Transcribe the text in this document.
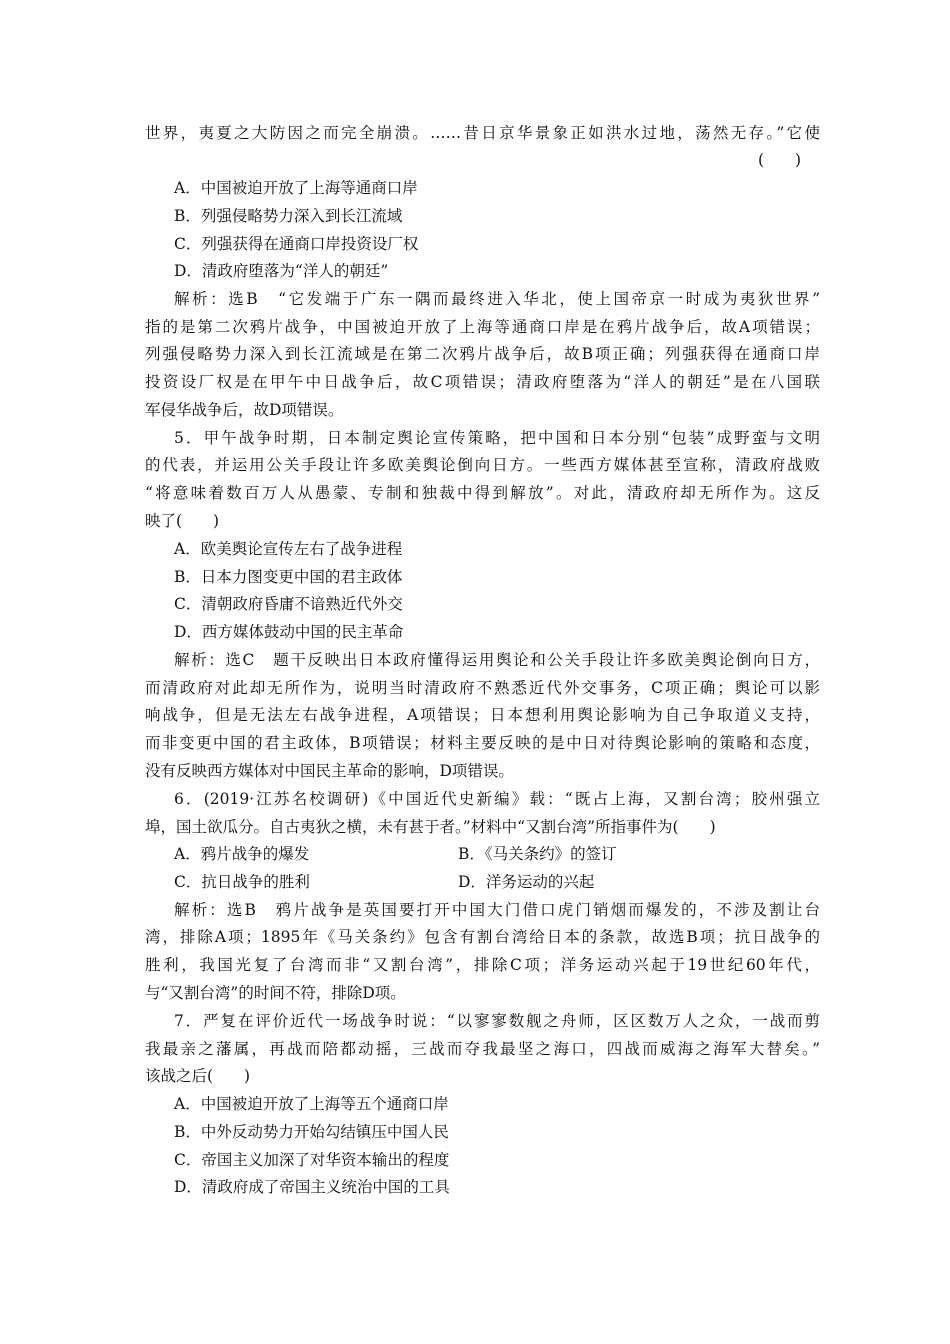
世界，夷夏之大防因之而完全崩溃。……昔日京华景象正如洪水过地，荡然无存。”它使
(　　)
A．中国被迫开放了上海等通商口岸
B．列强侵略势力深入到长江流域
C．列强获得在通商口岸投资设厂权
D．清政府堕落为“洋人的朝廷”
解析：选B　“它发端于广东一隅而最终进入华北，使上国帝京一时成为夷狄世界”
指的是第二次鸦片战争，中国被迫开放了上海等通商口岸是在鸦片战争后，故A项错误；
列强侵略势力深入到长江流域是在第二次鸦片战争后，故B项正确；列强获得在通商口岸
投资设厂权是在甲午中日战争后，故C项错误；清政府堕落为“洋人的朝廷”是在八国联
军侵华战争后，故D项错误。
5．甲午战争时期，日本制定舆论宣传策略，把中国和日本分别“包装”成野蛮与文明
的代表，并运用公关手段让许多欧美舆论倒向日方。一些西方媒体甚至宣称，清政府战败
“将意味着数百万人从愚蒙、专制和独裁中得到解放”。对此，清政府却无所作为。这反
映了(　　)
A．欧美舆论宣传左右了战争进程
B．日本力图变更中国的君主政体
C．清朝政府昏庸不谙熟近代外交
D．西方媒体鼓动中国的民主革命
解析：选C　题干反映出日本政府懂得运用舆论和公关手段让许多欧美舆论倒向日方，
而清政府对此却无所作为，说明当时清政府不熟悉近代外交事务，C项正确；舆论可以影
响战争，但是无法左右战争进程，A项错误；日本想利用舆论影响为自己争取道义支持，
而非变更中国的君主政体，B项错误；材料主要反映的是中日对待舆论影响的策略和态度，
没有反映西方媒体对中国民主革命的影响，D项错误。
6．(2019·江苏名校调研)《中国近代史新编》载：“既占上海，又割台湾；胶州强立
埠，国土欲瓜分。自古夷狄之横，未有甚于者。”材料中“又割台湾”所指事件为(　　)
A．鸦片战争的爆发	B．《马关条约》的签订
C．抗日战争的胜利	D．洋务运动的兴起
解析：选B　鸦片战争是英国要打开中国大门借口虎门销烟而爆发的，不涉及割让台
湾，排除A项；1895年《马关条约》包含有割台湾给日本的条款，故选B项；抗日战争的
胜利，我国光复了台湾而非“又割台湾”，排除C项；洋务运动兴起于19世纪60年代，
与“又割台湾”的时间不符，排除D项。
7．严复在评价近代一场战争时说：“以寥寥数舰之舟师，区区数万人之众，一战而剪
我最亲之藩属，再战而陪都动摇，三战而夺我最坚之海口，四战而威海之海军大替矣。”
该战之后(　　)
A．中国被迫开放了上海等五个通商口岸
B．中外反动势力开始勾结镇压中国人民
C．帝国主义加深了对华资本输出的程度
D．清政府成了帝国主义统治中国的工具
